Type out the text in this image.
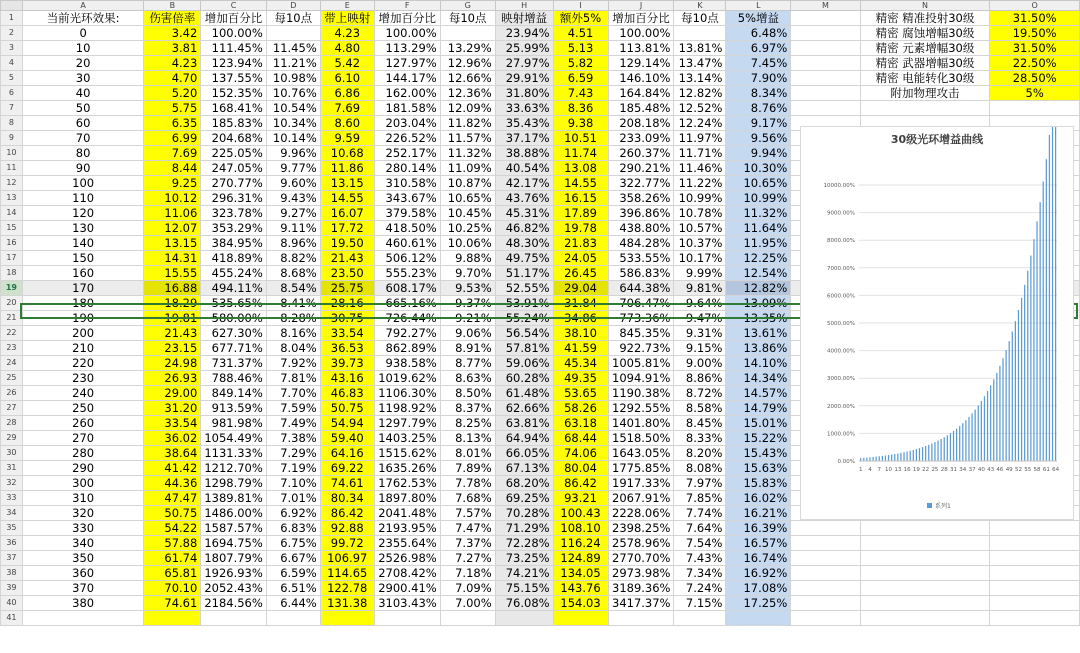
	A	B	C	D	E	F	G	H	I	J	K	L	M	N	O
1	当前光环效果:	伤害倍率	增加百分比	每10点	带上映射	增加百分比	每10点	映射增益	额外5%	增加百分比	每10点	5%增益		精密 精准投射30级	31.50%
2	0	3.42	100.00%		4.23	100.00%		23.94%	4.51	100.00%		6.48%		精密 腐蚀增幅30级	19.50%
3	10	3.81	111.45%	11.45%	4.80	113.29%	13.29%	25.99%	5.13	113.81%	13.81%	6.97%		精密 元素增幅30级	31.50%
4	20	4.23	123.94%	11.21%	5.42	127.97%	12.96%	27.97%	5.82	129.14%	13.47%	7.45%		精密 武器增幅30级	22.50%
5	30	4.70	137.55%	10.98%	6.10	144.17%	12.66%	29.91%	6.59	146.10%	13.14%	7.90%		精密 电能转化30级	28.50%
6	40	5.20	152.35%	10.76%	6.86	162.00%	12.36%	31.80%	7.43	164.84%	12.82%	8.34%		附加物理攻击	5%
7	50	5.75	168.41%	10.54%	7.69	181.58%	12.09%	33.63%	8.36	185.48%	12.52%	8.76%			
8	60	6.35	185.83%	10.34%	8.60	203.04%	11.82%	35.43%	9.38	208.18%	12.24%	9.17%			
9	70	6.99	204.68%	10.14%	9.59	226.52%	11.57%	37.17%	10.51	233.09%	11.97%	9.56%			
10	80	7.69	225.05%	9.96%	10.68	252.17%	11.32%	38.88%	11.74	260.37%	11.71%	9.94%			
11	90	8.44	247.05%	9.77%	11.86	280.14%	11.09%	40.54%	13.08	290.21%	11.46%	10.30%			
12	100	9.25	270.77%	9.60%	13.15	310.58%	10.87%	42.17%	14.55	322.77%	11.22%	10.65%			
13	110	10.12	296.31%	9.43%	14.55	343.67%	10.65%	43.76%	16.15	358.26%	10.99%	10.99%			
14	120	11.06	323.78%	9.27%	16.07	379.58%	10.45%	45.31%	17.89	396.86%	10.78%	11.32%			
15	130	12.07	353.29%	9.11%	17.72	418.50%	10.25%	46.82%	19.78	438.80%	10.57%	11.64%			
16	140	13.15	384.95%	8.96%	19.50	460.61%	10.06%	48.30%	21.83	484.28%	10.37%	11.95%			
17	150	14.31	418.89%	8.82%	21.43	506.12%	9.88%	49.75%	24.05	533.55%	10.17%	12.25%			
18	160	15.55	455.24%	8.68%	23.50	555.23%	9.70%	51.17%	26.45	586.83%	9.99%	12.54%			
19	170	16.88	494.11%	8.54%	25.75	608.17%	9.53%	52.55%	29.04	644.38%	9.81%	12.82%			
20	180	18.29	535.65%	8.41%	28.16	665.16%	9.37%	53.91%	31.84	706.47%	9.64%	13.09%			
21	190	19.81	580.00%	8.28%	30.75	726.44%	9.21%	55.24%	34.86	773.36%	9.47%	13.35%			
22	200	21.43	627.30%	8.16%	33.54	792.27%	9.06%	56.54%	38.10	845.35%	9.31%	13.61%			
23	210	23.15	677.71%	8.04%	36.53	862.89%	8.91%	57.81%	41.59	922.73%	9.15%	13.86%			
24	220	24.98	731.37%	7.92%	39.73	938.58%	8.77%	59.06%	45.34	1005.81%	9.00%	14.10%			
25	230	26.93	788.46%	7.81%	43.16	1019.62%	8.63%	60.28%	49.35	1094.91%	8.86%	14.34%			
26	240	29.00	849.14%	7.70%	46.83	1106.30%	8.50%	61.48%	53.65	1190.38%	8.72%	14.57%			
27	250	31.20	913.59%	7.59%	50.75	1198.92%	8.37%	62.66%	58.26	1292.55%	8.58%	14.79%			
28	260	33.54	981.98%	7.49%	54.94	1297.79%	8.25%	63.81%	63.18	1401.80%	8.45%	15.01%			
29	270	36.02	1054.49%	7.38%	59.40	1403.25%	8.13%	64.94%	68.44	1518.50%	8.33%	15.22%			
30	280	38.64	1131.33%	7.29%	64.16	1515.62%	8.01%	66.05%	74.06	1643.05%	8.20%	15.43%			
31	290	41.42	1212.70%	7.19%	69.22	1635.26%	7.89%	67.13%	80.04	1775.85%	8.08%	15.63%			
32	300	44.36	1298.79%	7.10%	74.61	1762.53%	7.78%	68.20%	86.42	1917.33%	7.97%	15.83%			
33	310	47.47	1389.81%	7.01%	80.34	1897.80%	7.68%	69.25%	93.21	2067.91%	7.85%	16.02%			
34	320	50.75	1486.00%	6.92%	86.42	2041.48%	7.57%	70.28%	100.43	2228.06%	7.74%	16.21%			
35	330	54.22	1587.57%	6.83%	92.88	2193.95%	7.47%	71.29%	108.10	2398.25%	7.64%	16.39%			
36	340	57.88	1694.75%	6.75%	99.72	2355.64%	7.37%	72.28%	116.24	2578.96%	7.54%	16.57%			
37	350	61.74	1807.79%	6.67%	106.97	2526.98%	7.27%	73.25%	124.89	2770.70%	7.43%	16.74%			
38	360	65.81	1926.93%	6.59%	114.65	2708.42%	7.18%	74.21%	134.05	2973.98%	7.34%	16.92%			
39	370	70.10	2052.43%	6.51%	122.78	2900.41%	7.09%	75.15%	143.76	3189.36%	7.24%	17.08%			
40	380	74.61	2184.56%	6.44%	131.38	3103.43%	7.00%	76.08%	154.03	3417.37%	7.15%	17.25%			
41															
30级光环增益曲线
0.00%
1000.00%
2000.00%
3000.00%
4000.00%
5000.00%
6000.00%
7000.00%
8000.00%
9000.00%
10000.00%
1 4 7 10 13 16 19 22 25 28 31 34 37 40 43 46 49 52 55 58 61 64
系列1
